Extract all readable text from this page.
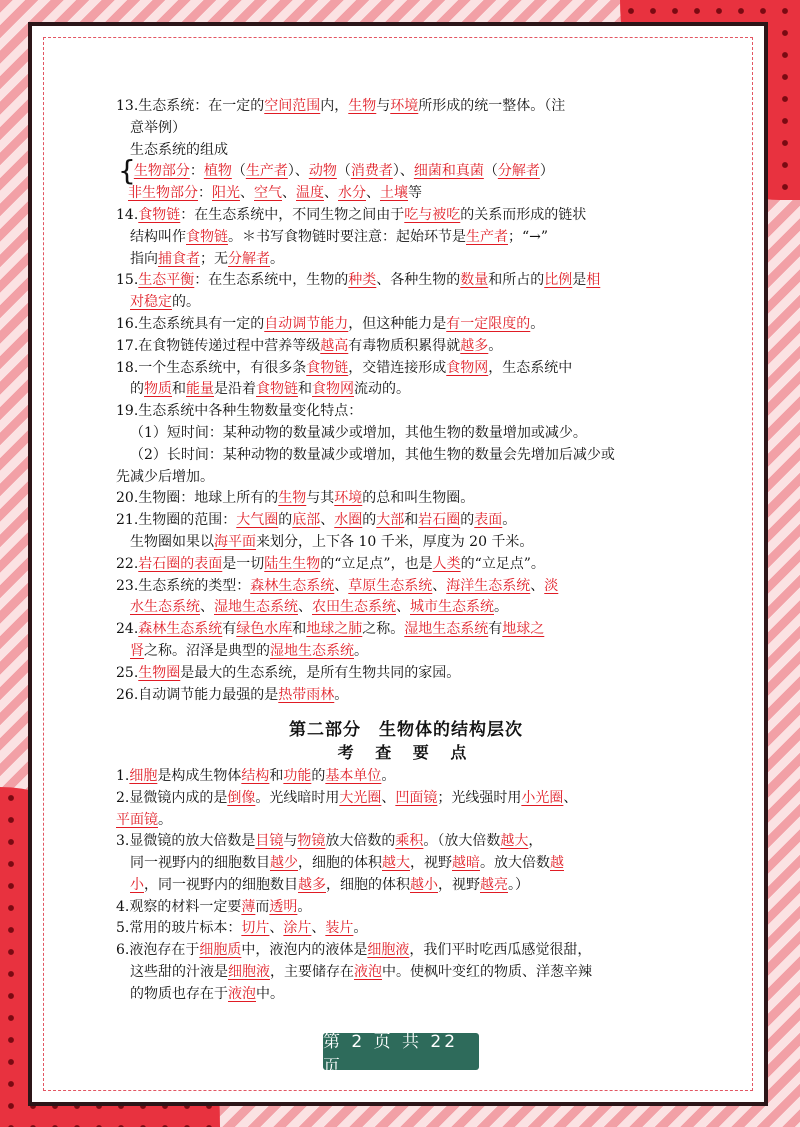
13.生态系统：在一定的空间范围内，生物与环境所形成的统一整体。（注
意举例）
生态系统的组成
{生物部分：植物（生产者）、动物（消费者）、细菌和真菌（分解者）
非生物部分：阳光、空气、温度、水分、土壤等
14.食物链：在生态系统中，不同生物之间由于吃与被吃的关系而形成的链状
结构叫作食物链。＊书写食物链时要注意：起始环节是生产者；“→”
指向捕食者；无分解者。
15.生态平衡：在生态系统中，生物的种类、各种生物的数量和所占的比例是相
对稳定的。
16.生态系统具有一定的自动调节能力，但这种能力是有一定限度的。
17.在食物链传递过程中营养等级越高有毒物质积累得就越多。
18.一个生态系统中，有很多条食物链，交错连接形成食物网，生态系统中
的物质和能量是沿着食物链和食物网流动的。
19.生态系统中各种生物数量变化特点：
（1）短时间：某种动物的数量减少或增加，其他生物的数量增加或减少。
（2）长时间：某种动物的数量减少或增加，其他生物的数量会先增加后减少或
先减少后增加。
20.生物圈：地球上所有的生物与其环境的总和叫生物圈。
21.生物圈的范围：大气圈的底部、水圈的大部和岩石圈的表面。
生物圈如果以海平面来划分，上下各 10 千米，厚度为 20 千米。
22.岩石圈的表面是一切陆生生物的“立足点”，也是人类的“立足点”。
23.生态系统的类型：森林生态系统、草原生态系统、海洋生态系统、淡
水生态系统、湿地生态系统、农田生态系统、城市生态系统。
24.森林生态系统有绿色水库和地球之肺之称。湿地生态系统有地球之
肾之称。沼泽是典型的湿地生态系统。
25.生物圈是最大的生态系统，是所有生物共同的家园。
26.自动调节能力最强的是热带雨林。
第二部分　生物体的结构层次
考 查 要 点
1.细胞是构成生物体结构和功能的基本单位。
2.显微镜内成的是倒像。光线暗时用大光圈、凹面镜；光线强时用小光圈、
平面镜。
3.显微镜的放大倍数是目镜与物镜放大倍数的乘积。（放大倍数越大，
同一视野内的细胞数目越少，细胞的体积越大，视野越暗。放大倍数越
小，同一视野内的细胞数目越多，细胞的体积越小，视野越亮。）
4.观察的材料一定要薄而透明。
5.常用的玻片标本：切片、涂片、装片。
6.液泡存在于细胞质中，液泡内的液体是细胞液，我们平时吃西瓜感觉很甜，
这些甜的汁液是细胞液，主要储存在液泡中。使枫叶变红的物质、洋葱辛辣
的物质也存在于液泡中。
第 2 页 共 22 页
